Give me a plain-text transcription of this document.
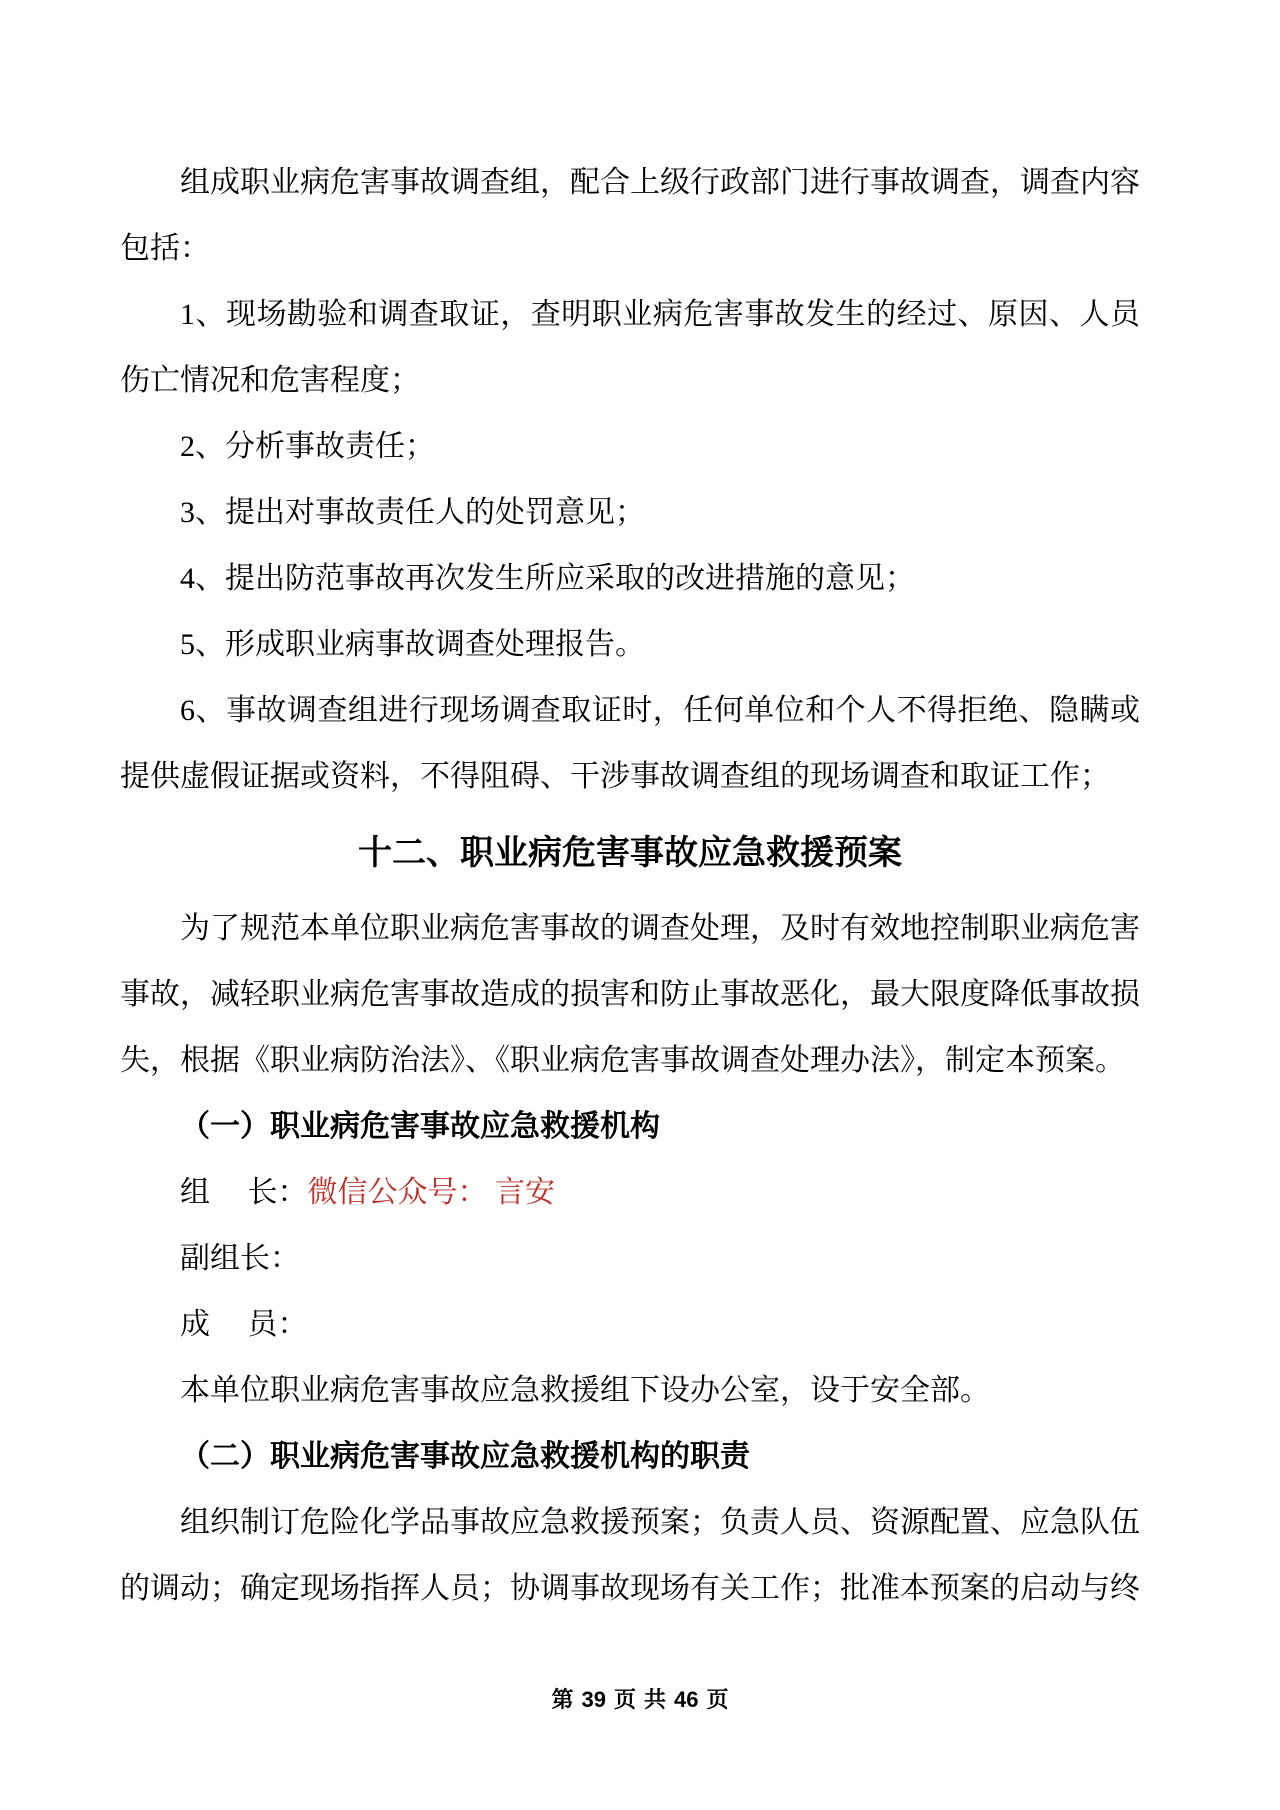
组成职业病危害事故调查组，配合上级行政部门进行事故调查，调查内容包括：

1、现场勘验和调查取证，查明职业病危害事故发生的经过、原因、人员伤亡情况和危害程度；

2、分析事故责任；

3、提出对事故责任人的处罚意见；

4、提出防范事故再次发生所应采取的改进措施的意见；

5、形成职业病事故调查处理报告。

6、事故调查组进行现场调查取证时，任何单位和个人不得拒绝、隐瞒或提供虚假证据或资料，不得阻碍、干涉事故调查组的现场调查和取证工作；

十二、职业病危害事故应急救援预案

为了规范本单位职业病危害事故的调查处理，及时有效地控制职业病危害事故，减轻职业病危害事故造成的损害和防止事故恶化，最大限度降低事故损失，根据《职业病防治法》、《职业病危害事故调查处理办法》，制定本预案。

（一）职业病危害事故应急救援机构

组　 长：微信公众号： 言安

副组长：

成　 员：

本单位职业病危害事故应急救援组下设办公室，设于安全部。

（二）职业病危害事故应急救援机构的职责

组织制订危险化学品事故应急救援预案；负责人员、资源配置、应急队伍的调动；确定现场指挥人员；协调事故现场有关工作；批准本预案的启动与终

第 39 页 共 46 页
